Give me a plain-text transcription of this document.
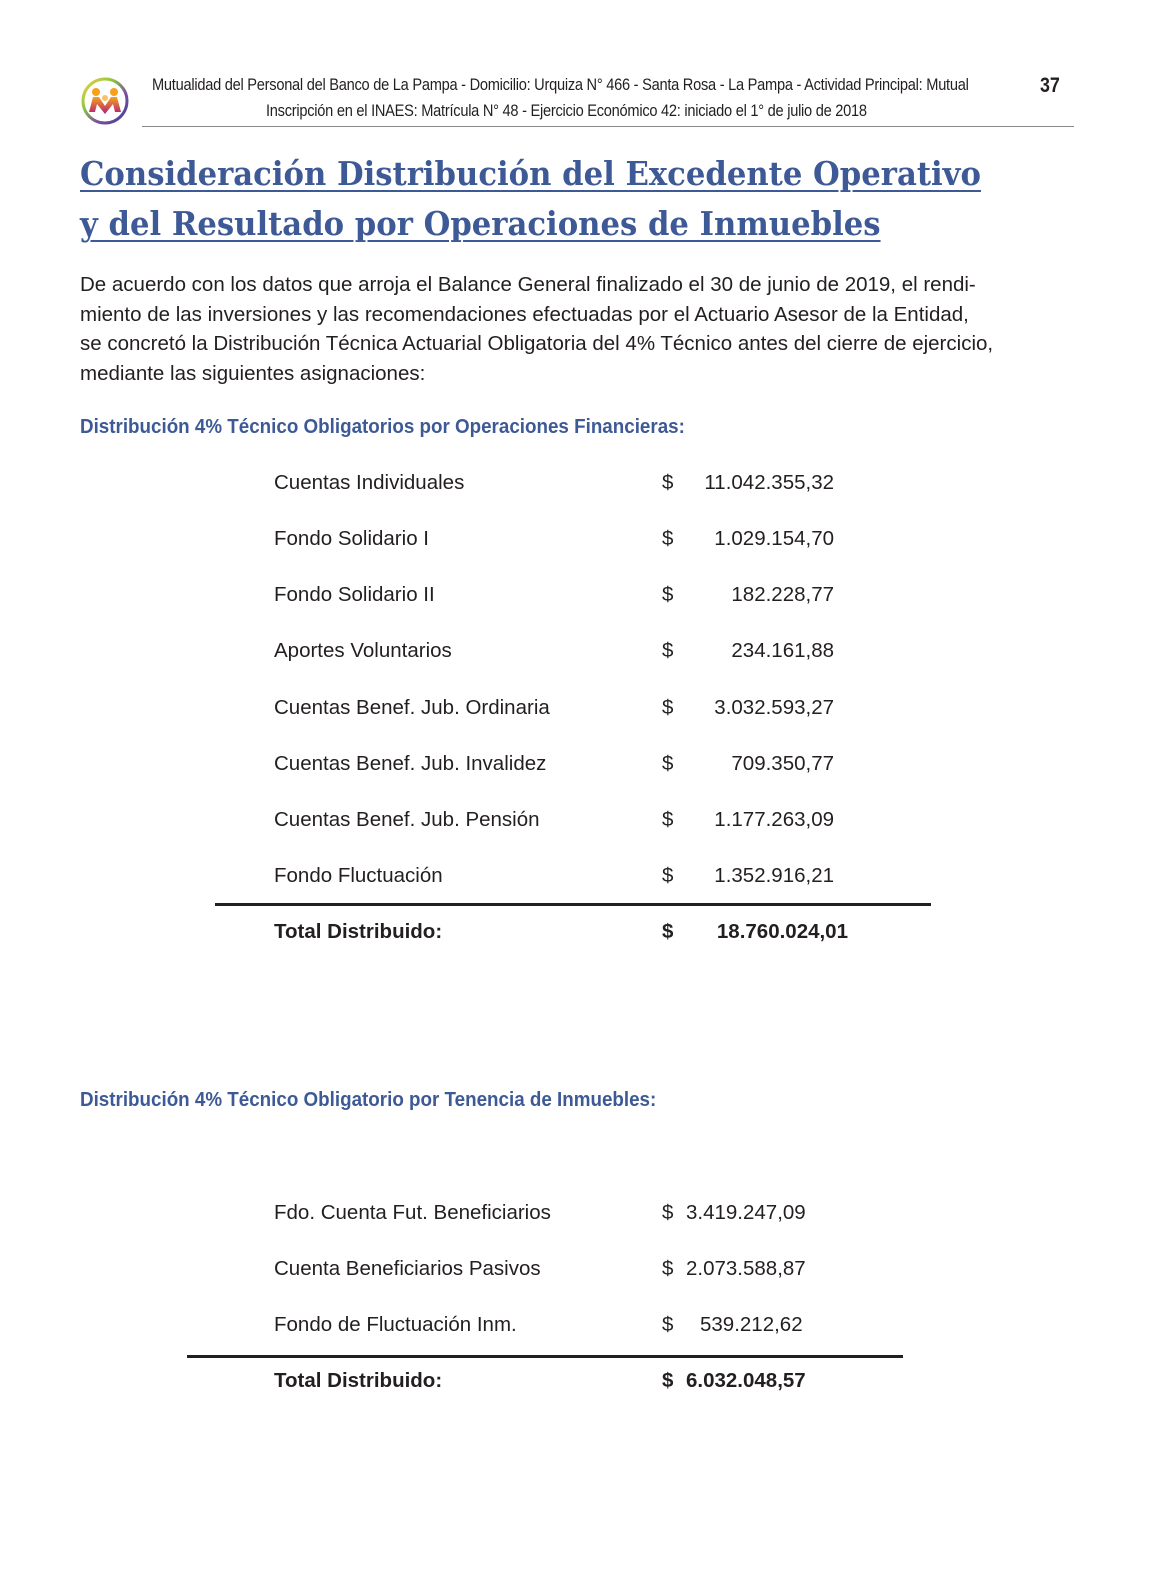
Mutualidad del Personal del Banco de La Pampa - Domicilio: Urquiza N° 466 - Santa Rosa - La Pampa - Actividad Principal: Mutual
Inscripción en el INAES: Matrícula N° 48 - Ejercicio Económico 42: iniciado el 1° de julio de 2018
37
Consideración Distribución del Excedente Operativo
y del Resultado por Operaciones de Inmuebles
De acuerdo con los datos que arroja el Balance General finalizado el 30 de junio de 2019, el rendi-
miento de las inversiones y las recomendaciones efectuadas por el Actuario Asesor de la Entidad,
se concretó la Distribución Técnica Actuarial Obligatoria del 4% Técnico antes del cierre de ejercicio,
mediante las siguientes asignaciones:
Distribución 4% Técnico Obligatorios por Operaciones Financieras:
Cuentas Individuales	$ 11.042.355,32
Fondo Solidario I	$ 1.029.154,70
Fondo Solidario II	$	182.228,77
Aportes Voluntarios	$	234.161,88
Cuentas Benef. Jub. Ordinaria	$ 3.032.593,27
Cuentas Benef. Jub. Invalidez	$	709.350,77
Cuentas Benef. Jub. Pensión	$ 1.177.263,09
Fondo Fluctuación	$ 1.352.916,21
Total Distribuido:	$ 18.760.024,01
Distribución 4% Técnico Obligatorio por Tenencia de Inmuebles:
Fdo. Cuenta Fut. Beneficiarios	$ 3.419.247,09
Cuenta Beneficiarios Pasivos	$ 2.073.588,87
Fondo de Fluctuación Inm.	$ 539.212,62
Total Distribuido:	$ 6.032.048,57
